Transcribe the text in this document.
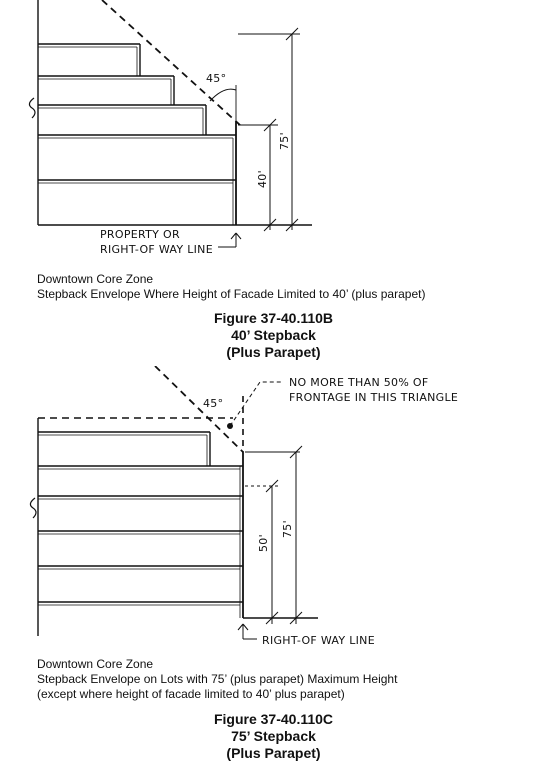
45°
75'
40'
PROPERTY OR
RIGHT-OF WAY LINE
Downtown Core Zone
Stepback Envelope Where Height of Facade Limited to 40’ (plus parapet)
Figure 37-40.110B
40’ Stepback
(Plus Parapet)
45°
NO MORE THAN 50% OF
FRONTAGE IN THIS TRIANGLE
75'
50'
RIGHT-OF WAY LINE
Downtown Core Zone
Stepback Envelope on Lots with 75’ (plus parapet) Maximum Height
(except where height of facade limited to 40’ plus parapet)
Figure 37-40.110C
75’ Stepback
(Plus Parapet)
